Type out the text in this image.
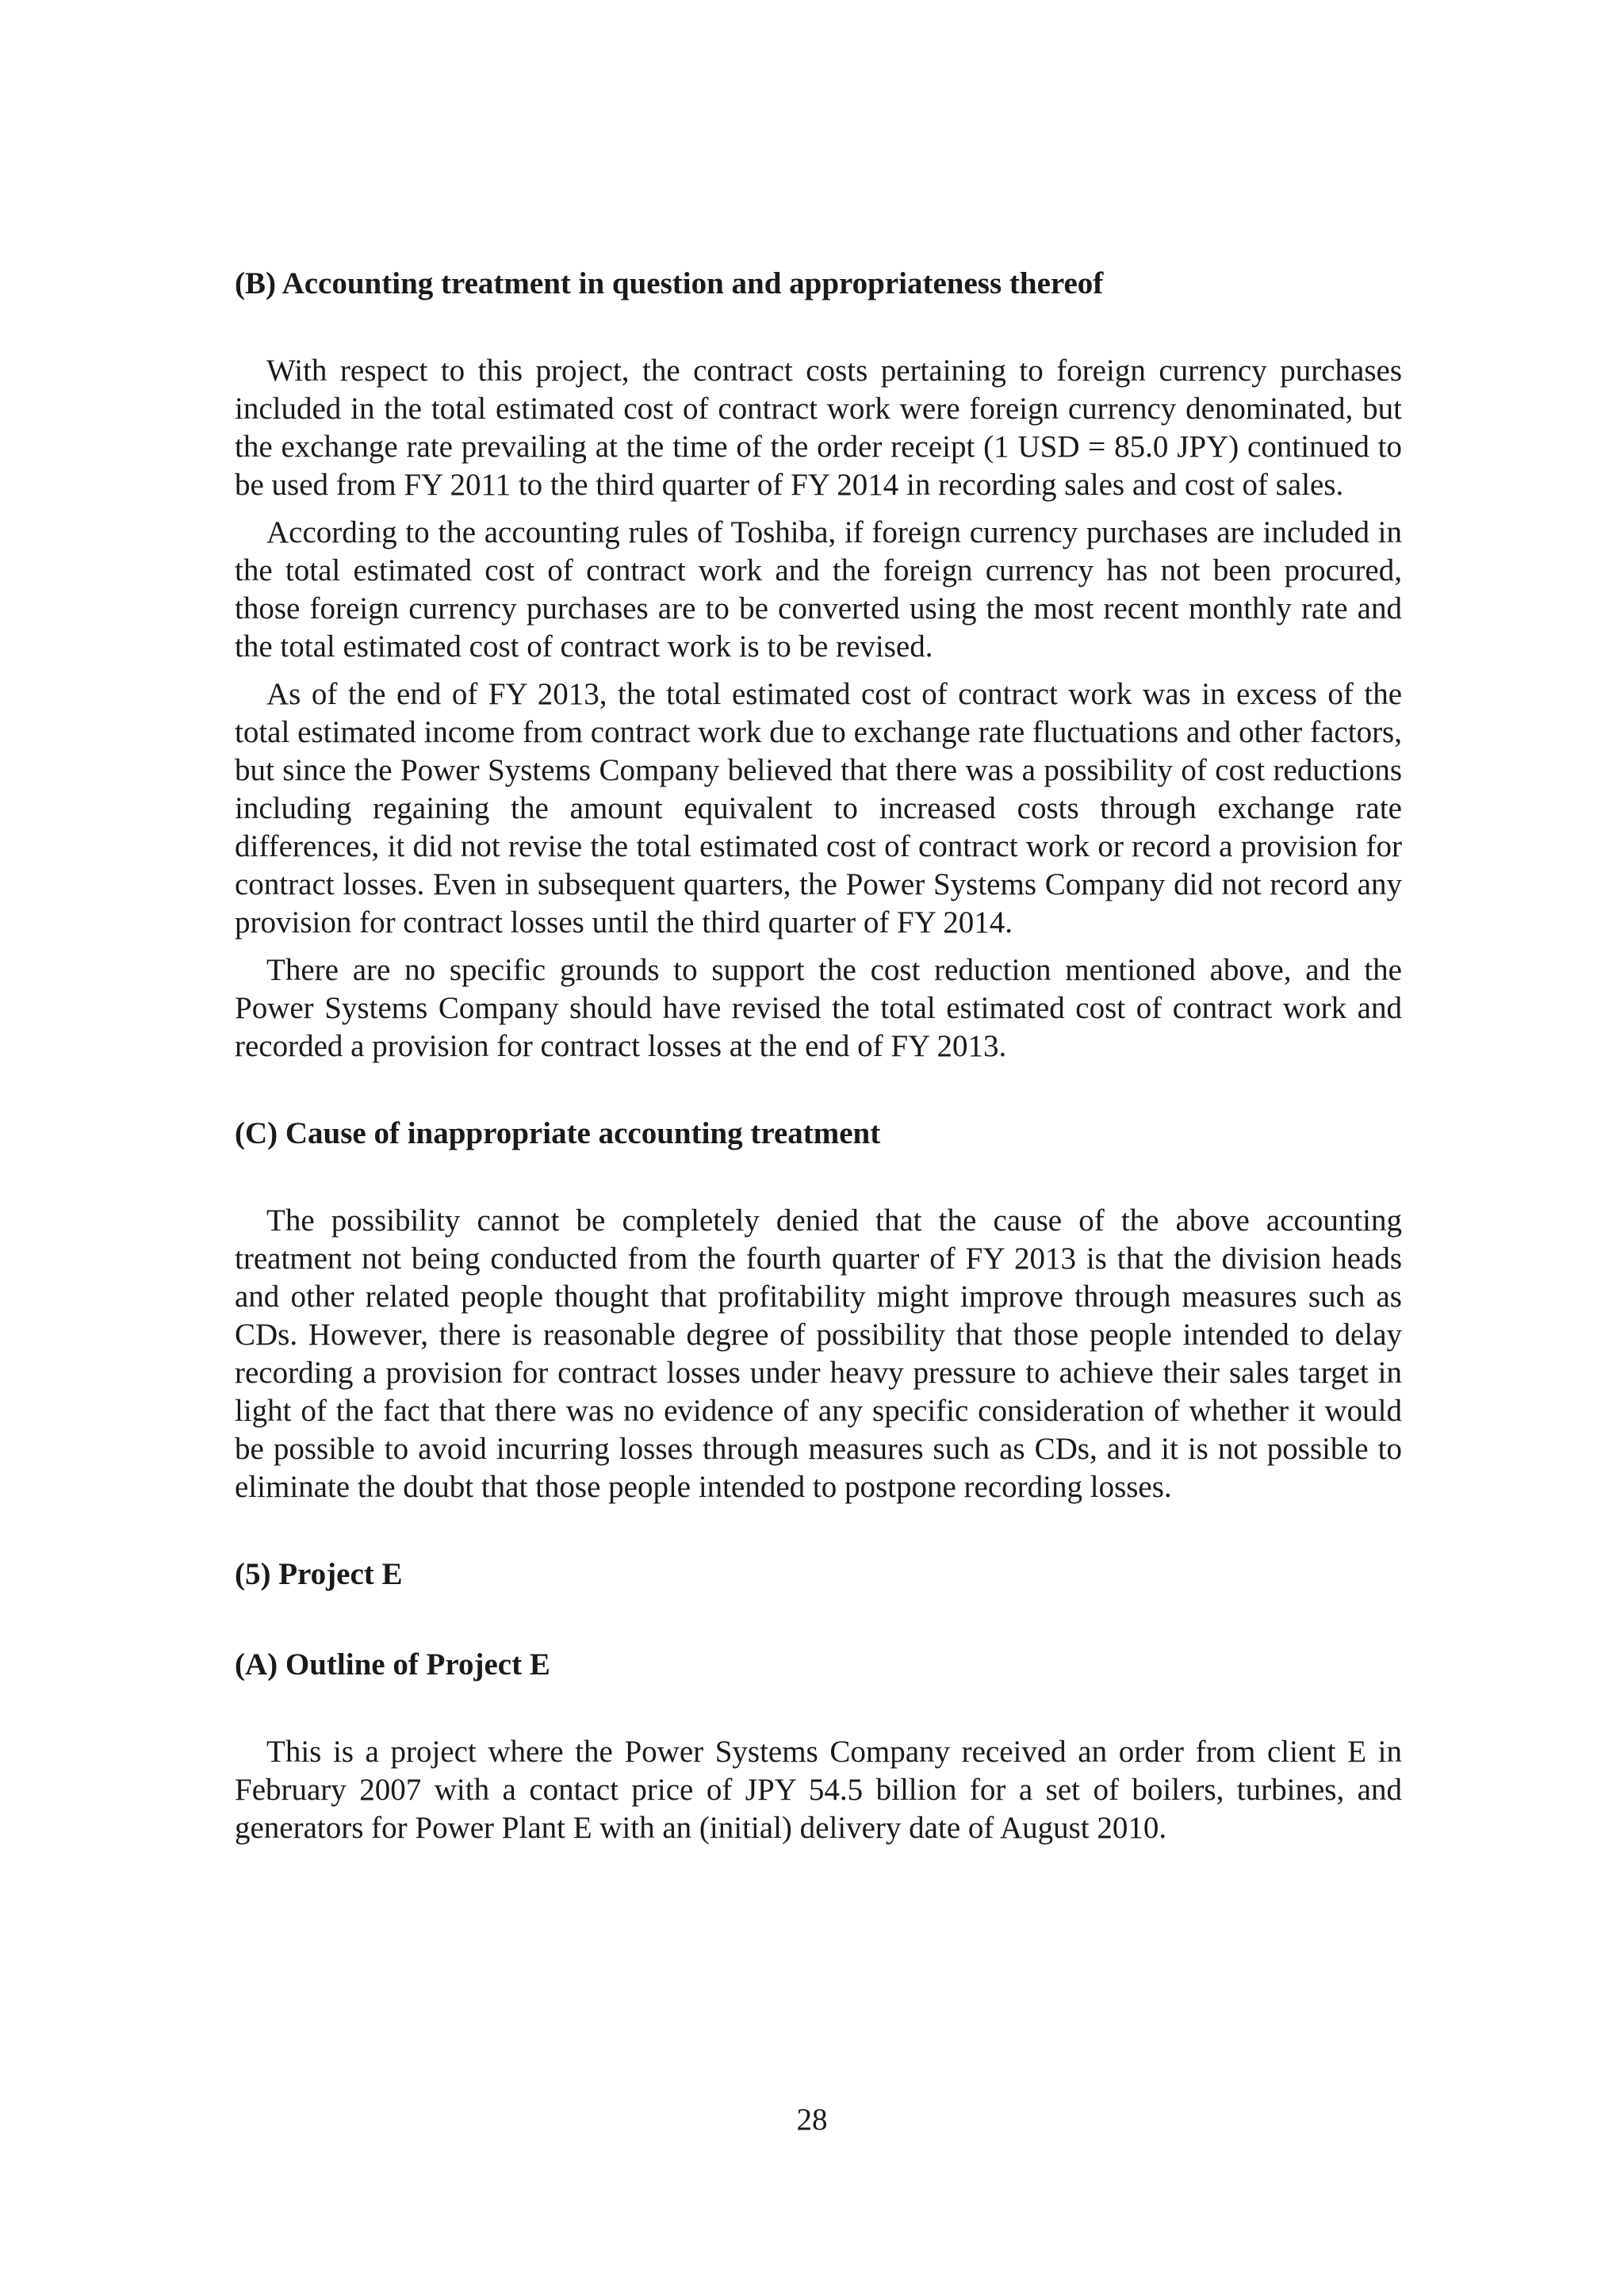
(B) Accounting treatment in question and appropriateness thereof

With respect to this project, the contract costs pertaining to foreign currency purchases included in the total estimated cost of contract work were foreign currency denominated, but the exchange rate prevailing at the time of the order receipt (1 USD = 85.0 JPY) continued to be used from FY 2011 to the third quarter of FY 2014 in recording sales and cost of sales.

According to the accounting rules of Toshiba, if foreign currency purchases are included in the total estimated cost of contract work and the foreign currency has not been procured, those foreign currency purchases are to be converted using the most recent monthly rate and the total estimated cost of contract work is to be revised.

As of the end of FY 2013, the total estimated cost of contract work was in excess of the total estimated income from contract work due to exchange rate fluctuations and other factors, but since the Power Systems Company believed that there was a possibility of cost reductions including regaining the amount equivalent to increased costs through exchange rate differences, it did not revise the total estimated cost of contract work or record a provision for contract losses. Even in subsequent quarters, the Power Systems Company did not record any provision for contract losses until the third quarter of FY 2014.

There are no specific grounds to support the cost reduction mentioned above, and the Power Systems Company should have revised the total estimated cost of contract work and recorded a provision for contract losses at the end of FY 2013.

(C) Cause of inappropriate accounting treatment

The possibility cannot be completely denied that the cause of the above accounting treatment not being conducted from the fourth quarter of FY 2013 is that the division heads and other related people thought that profitability might improve through measures such as CDs. However, there is reasonable degree of possibility that those people intended to delay recording a provision for contract losses under heavy pressure to achieve their sales target in light of the fact that there was no evidence of any specific consideration of whether it would be possible to avoid incurring losses through measures such as CDs, and it is not possible to eliminate the doubt that those people intended to postpone recording losses.

(5) Project E
(A) Outline of Project E

This is a project where the Power Systems Company received an order from client E in February 2007 with a contact price of JPY 54.5 billion for a set of boilers, turbines, and generators for Power Plant E with an (initial) delivery date of August 2010.

28
